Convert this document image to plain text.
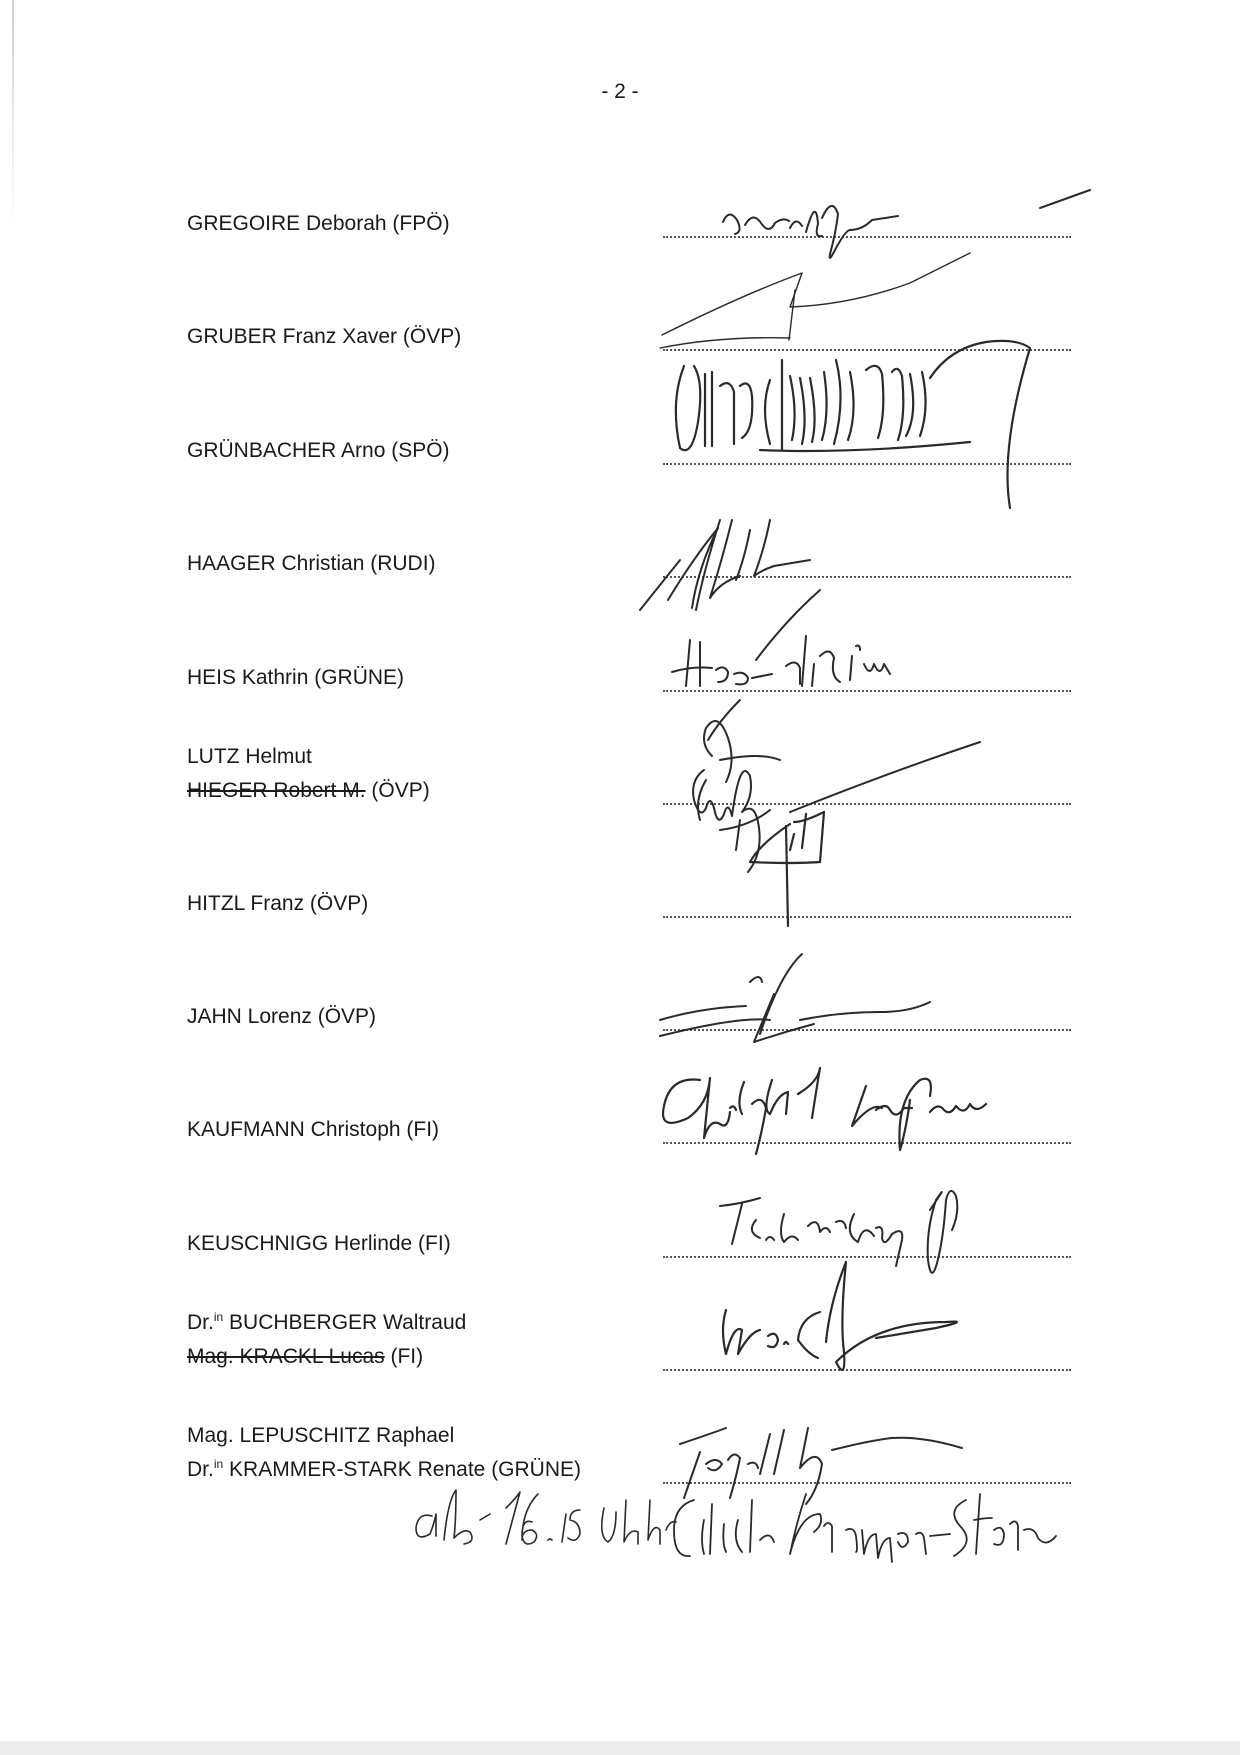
- 2 -
GREGOIRE Deborah (FPÖ)
GRUBER Franz Xaver (ÖVP)
GRÜNBACHER Arno (SPÖ)
HAAGER Christian (RUDI)
HEIS Kathrin (GRÜNE)
LUTZ Helmut
HIEGER Robert M. (ÖVP)
HITZL Franz (ÖVP)
JAHN Lorenz (ÖVP)
KAUFMANN Christoph (FI)
KEUSCHNIGG Herlinde (FI)
Dr.$^{in}$ BUCHBERGER Waltraud
Mag. KRACKL Lucas (FI)
Mag. LEPUSCHITZ Raphael
Dr.$^{in}$ KRAMMER-STARK Renate (GRÜNE)
